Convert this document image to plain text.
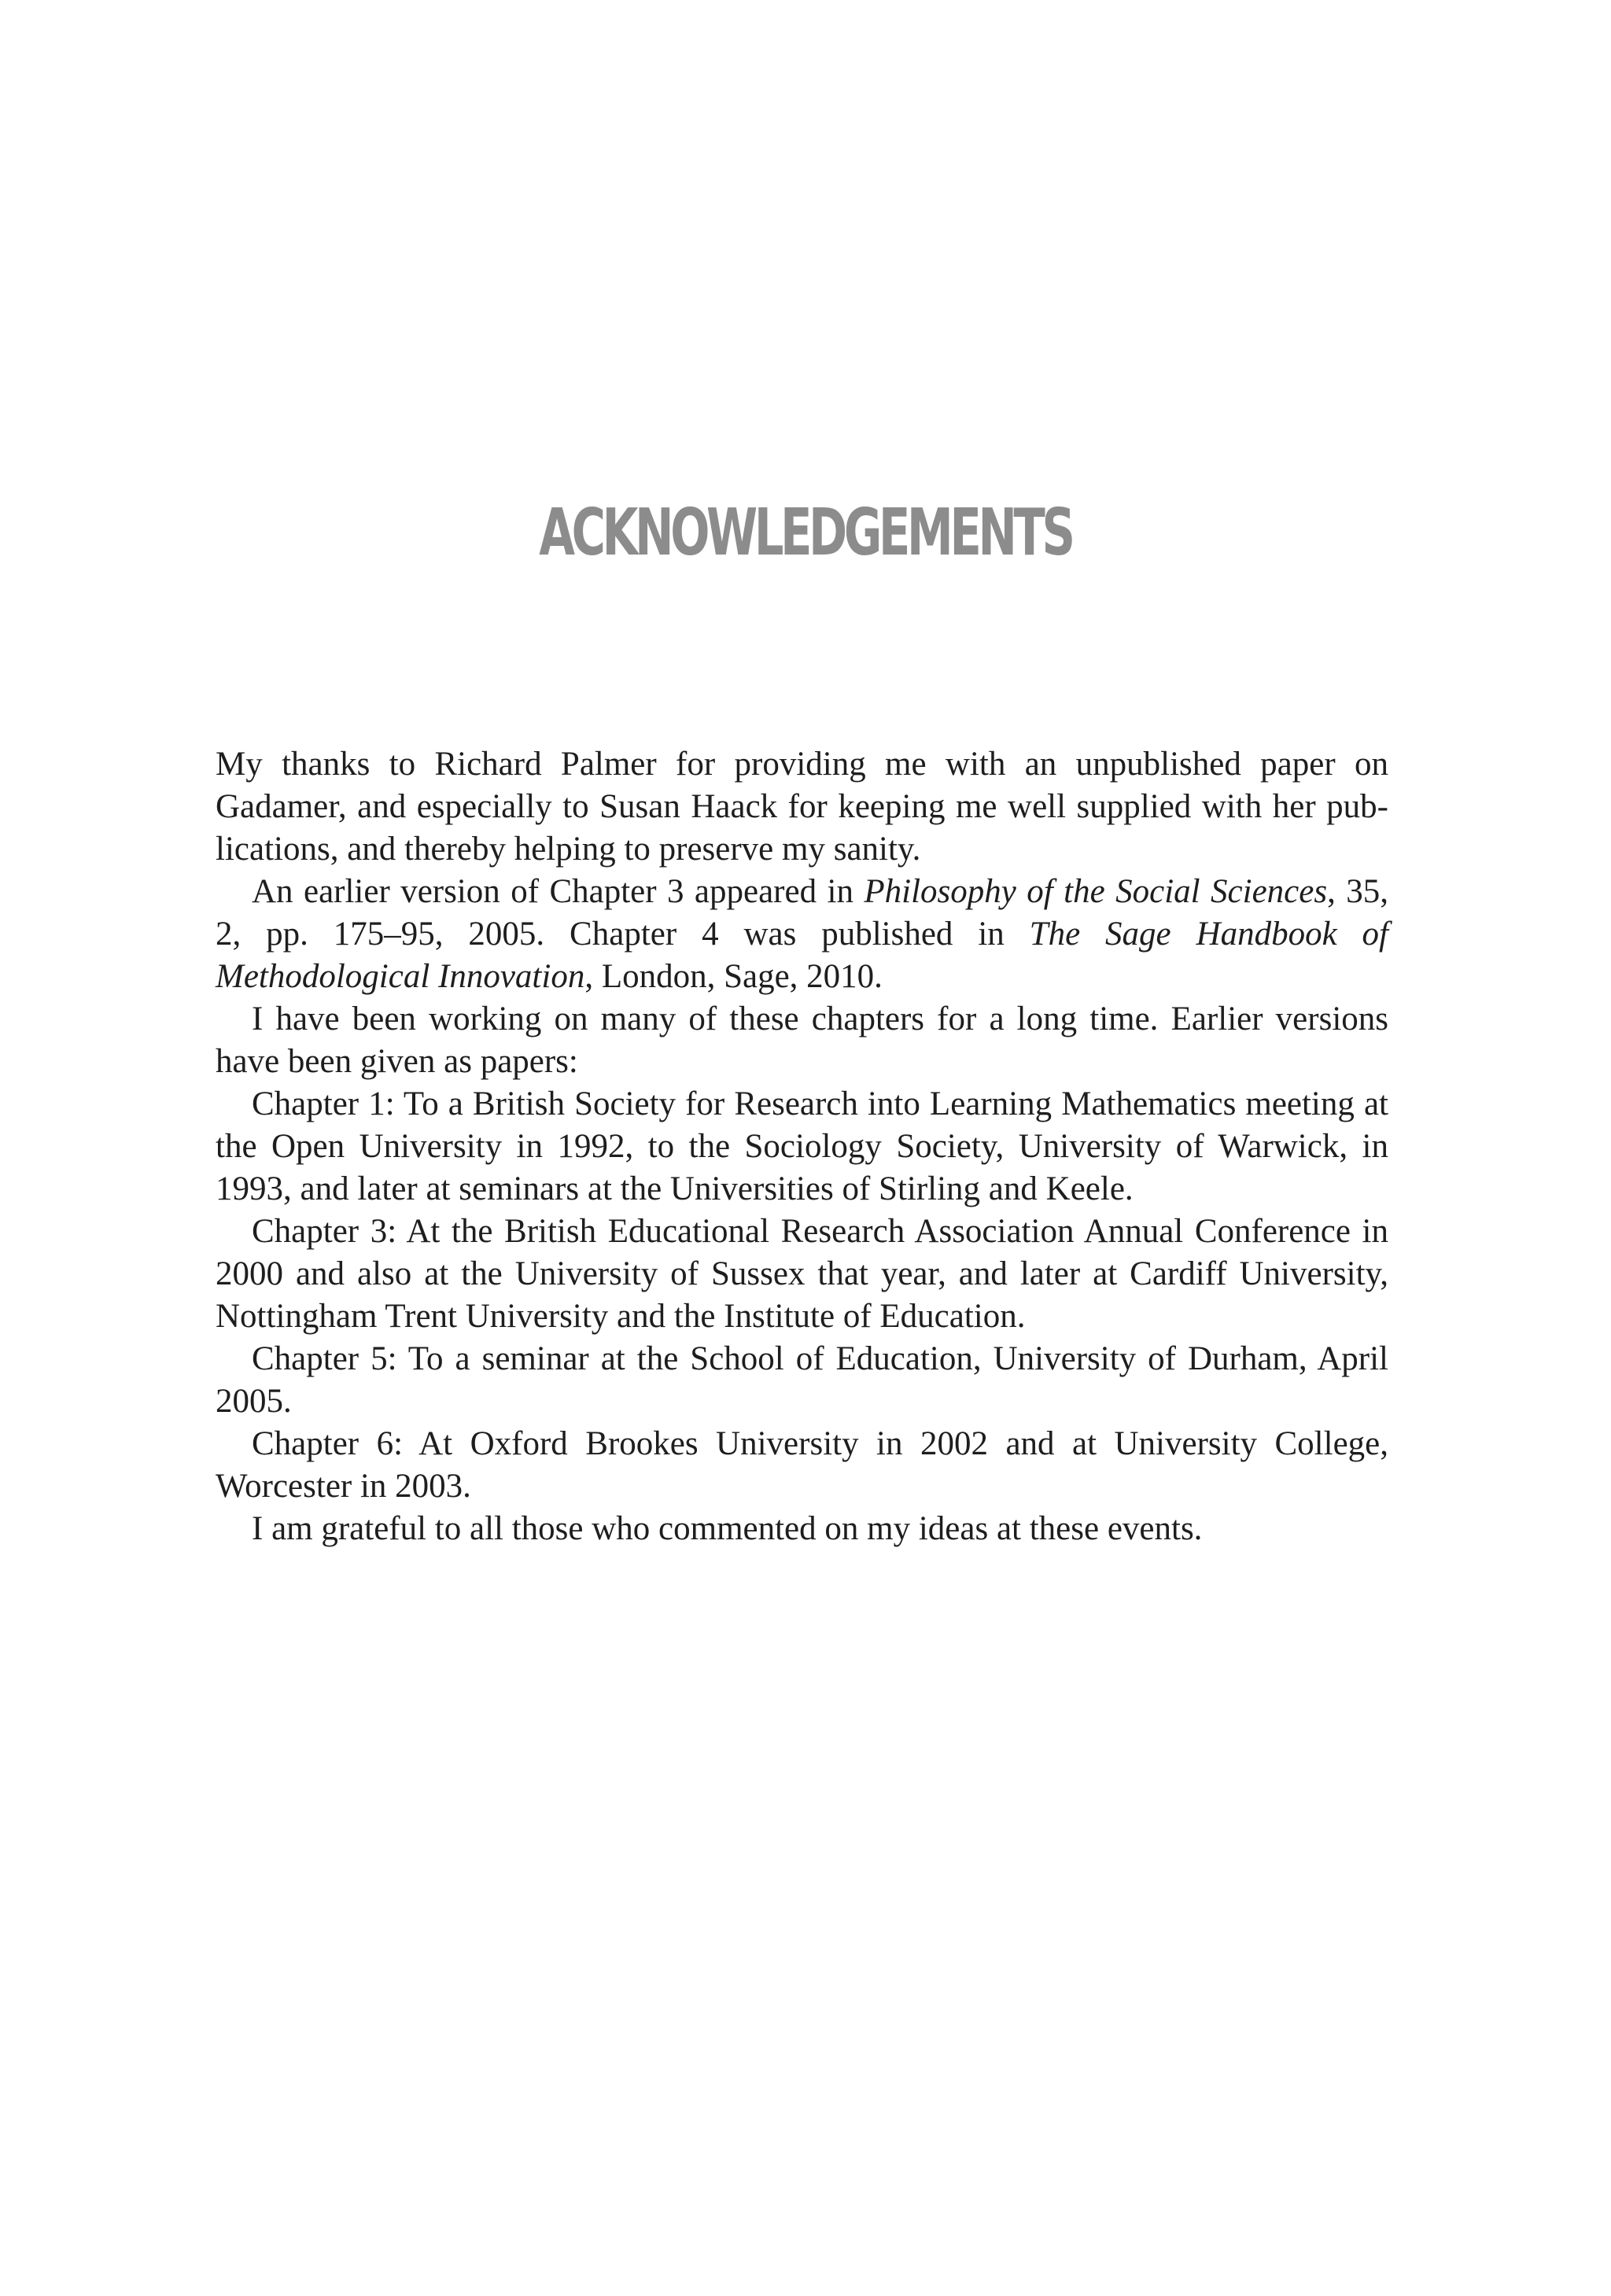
ACKNOWLEDGEMENTS

My thanks to Richard Palmer for providing me with an unpublished paper on Gadamer, and especially to Susan Haack for keeping me well supplied with her publications, and thereby helping to preserve my sanity.

An earlier version of Chapter 3 appeared in Philosophy of the Social Sciences, 35, 2, pp. 175–95, 2005. Chapter 4 was published in The Sage Handbook of Methodological Innovation, London, Sage, 2010.

I have been working on many of these chapters for a long time. Earlier versions have been given as papers:

Chapter 1: To a British Society for Research into Learning Mathematics meeting at the Open University in 1992, to the Sociology Society, University of Warwick, in 1993, and later at seminars at the Universities of Stirling and Keele.

Chapter 3: At the British Educational Research Association Annual Conference in 2000 and also at the University of Sussex that year, and later at Cardiff University, Nottingham Trent University and the Institute of Education.

Chapter 5: To a seminar at the School of Education, University of Durham, April 2005.

Chapter 6: At Oxford Brookes University in 2002 and at University College, Worcester in 2003.

I am grateful to all those who commented on my ideas at these events.
